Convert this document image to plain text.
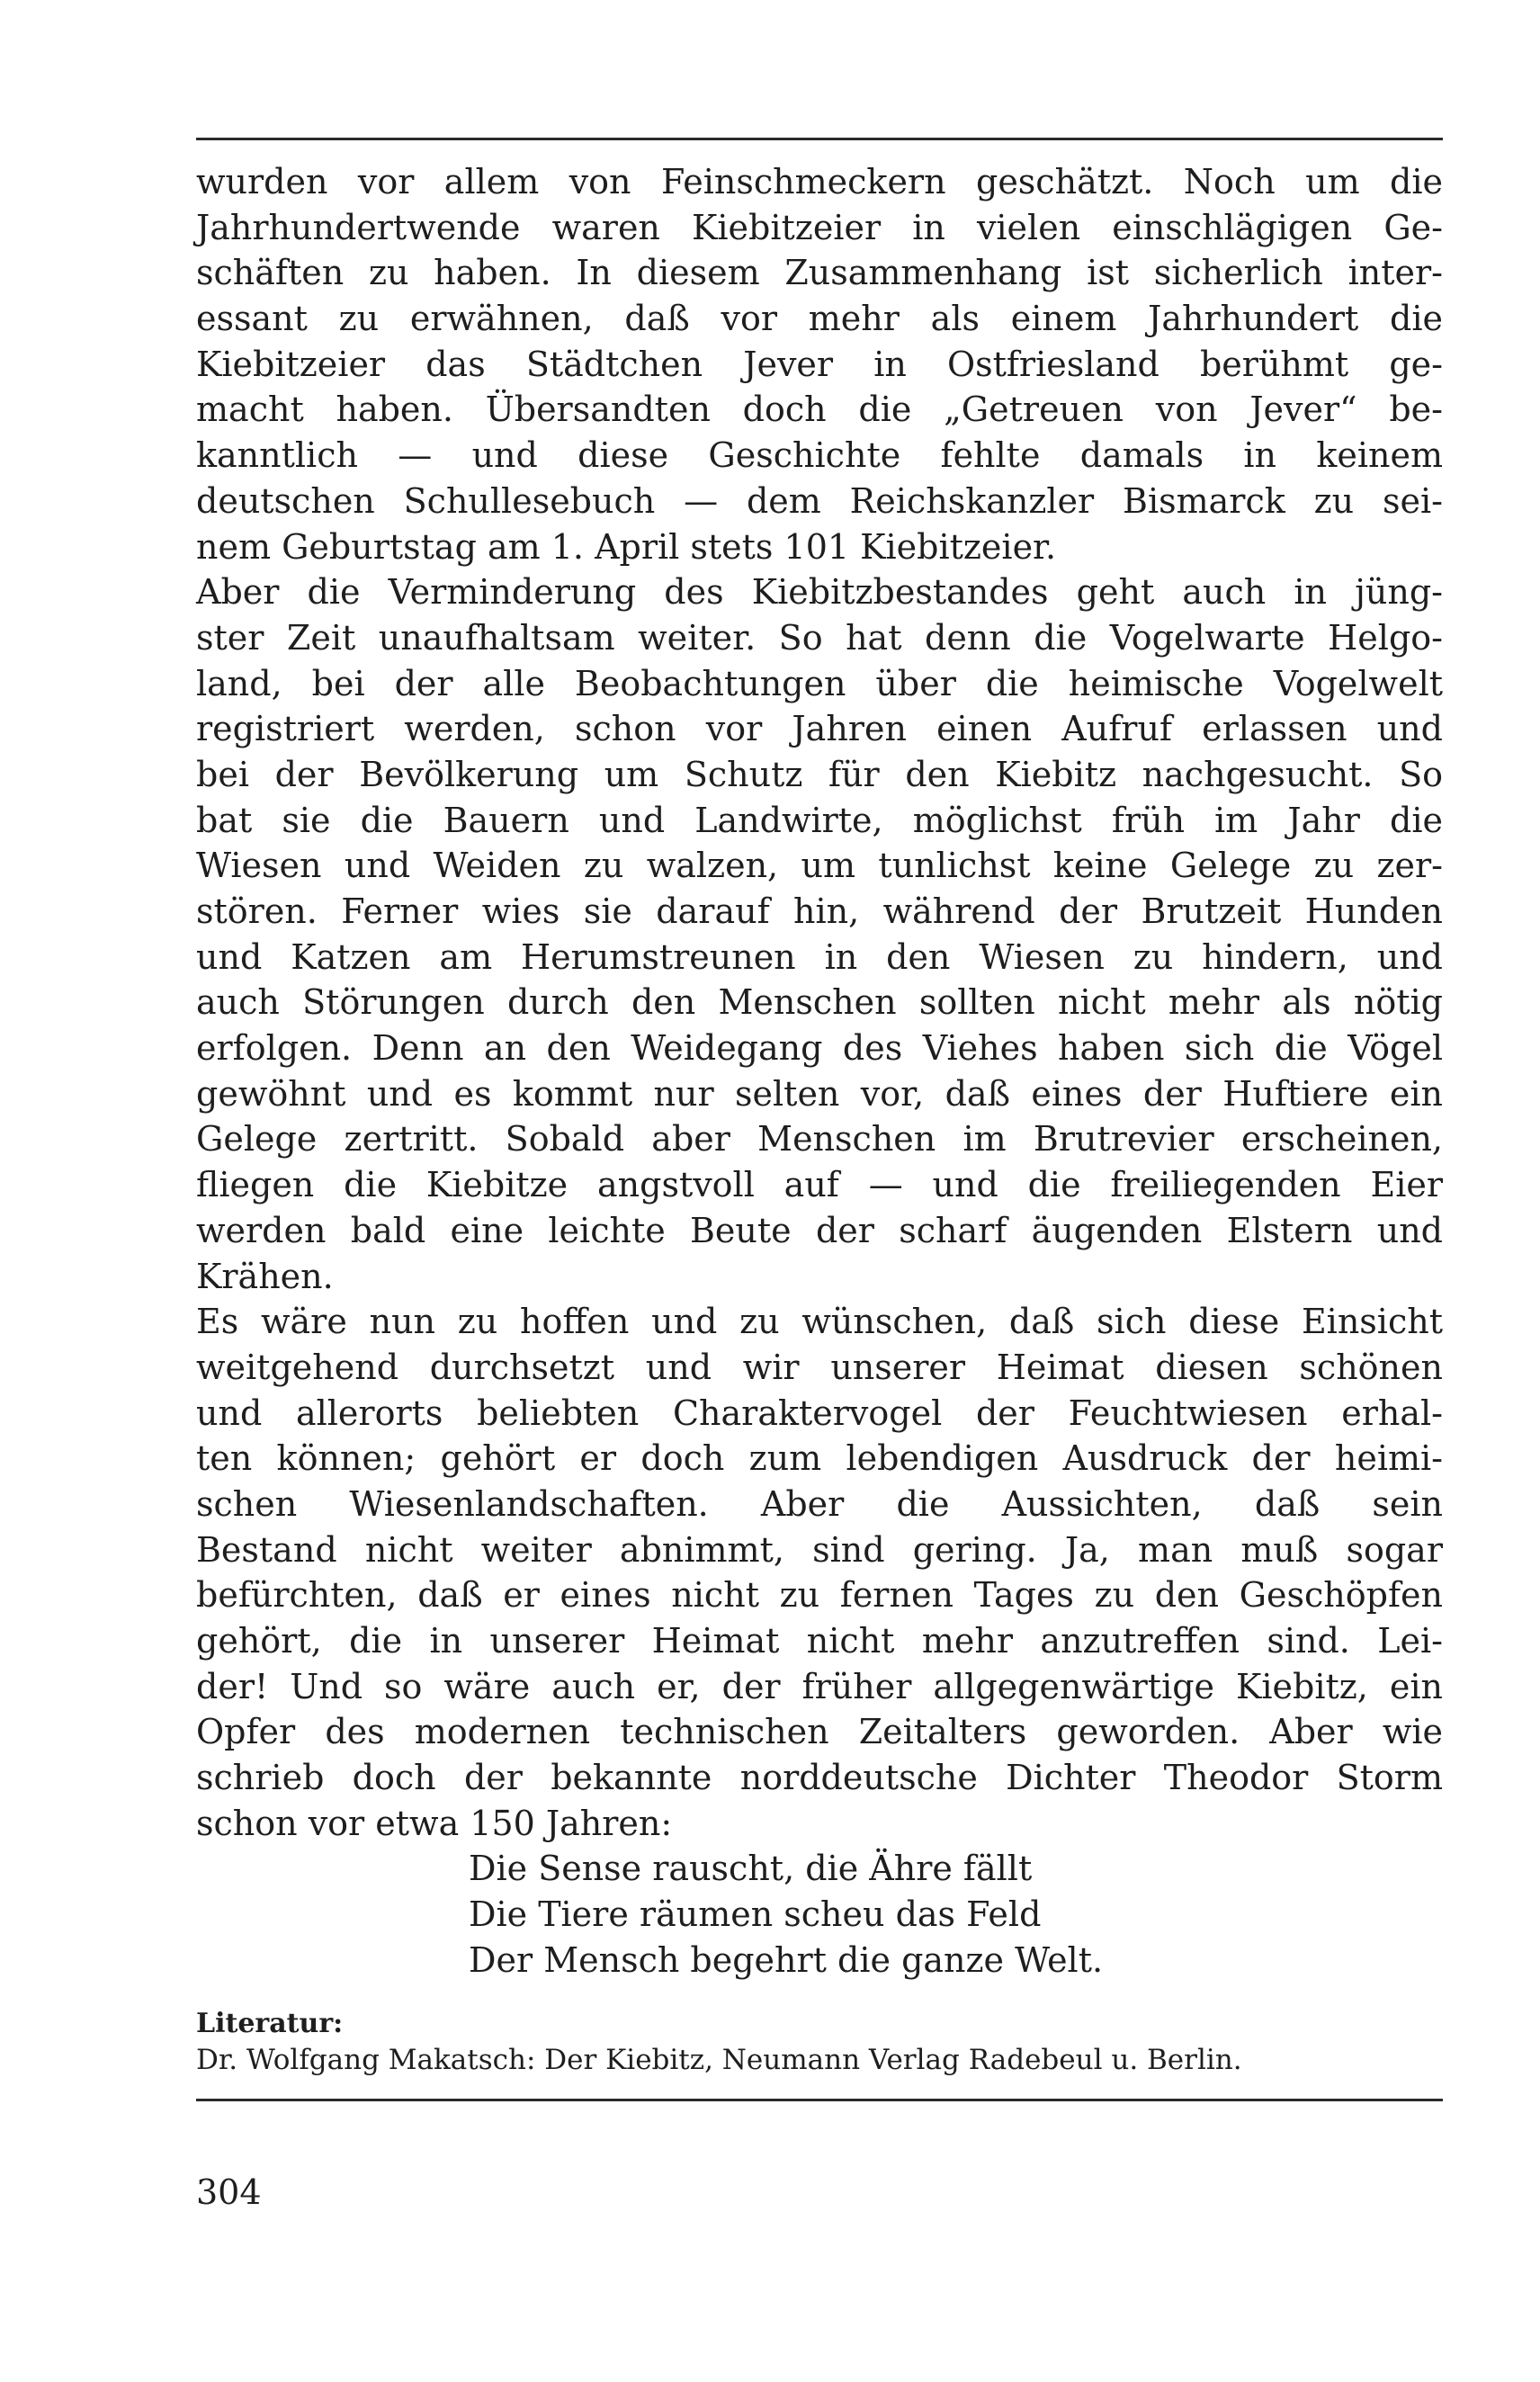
wurden vor allem von Feinschmeckern geschätzt. Noch um die
Jahrhundertwende waren Kiebitzeier in vielen einschlägigen Ge-
schäften zu haben. In diesem Zusammenhang ist sicherlich inter-
essant zu erwähnen, daß vor mehr als einem Jahrhundert die
Kiebitzeier das Städtchen Jever in Ostfriesland berühmt ge-
macht haben. Übersandten doch die „Getreuen von Jever“ be-
kanntlich — und diese Geschichte fehlte damals in keinem
deutschen Schullesebuch — dem Reichskanzler Bismarck zu sei-
nem Geburtstag am 1. April stets 101 Kiebitzeier.
Aber die Verminderung des Kiebitzbestandes geht auch in jüng-
ster Zeit unaufhaltsam weiter. So hat denn die Vogelwarte Helgo-
land, bei der alle Beobachtungen über die heimische Vogelwelt
registriert werden, schon vor Jahren einen Aufruf erlassen und
bei der Bevölkerung um Schutz für den Kiebitz nachgesucht. So
bat sie die Bauern und Landwirte, möglichst früh im Jahr die
Wiesen und Weiden zu walzen, um tunlichst keine Gelege zu zer-
stören. Ferner wies sie darauf hin, während der Brutzeit Hunden
und Katzen am Herumstreunen in den Wiesen zu hindern, und
auch Störungen durch den Menschen sollten nicht mehr als nötig
erfolgen. Denn an den Weidegang des Viehes haben sich die Vögel
gewöhnt und es kommt nur selten vor, daß eines der Huftiere ein
Gelege zertritt. Sobald aber Menschen im Brutrevier erscheinen,
fliegen die Kiebitze angstvoll auf — und die freiliegenden Eier
werden bald eine leichte Beute der scharf äugenden Elstern und
Krähen.
Es wäre nun zu hoffen und zu wünschen, daß sich diese Einsicht
weitgehend durchsetzt und wir unserer Heimat diesen schönen
und allerorts beliebten Charaktervogel der Feuchtwiesen erhal-
ten können; gehört er doch zum lebendigen Ausdruck der heimi-
schen Wiesenlandschaften. Aber die Aussichten, daß sein
Bestand nicht weiter abnimmt, sind gering. Ja, man muß sogar
befürchten, daß er eines nicht zu fernen Tages zu den Geschöpfen
gehört, die in unserer Heimat nicht mehr anzutreffen sind. Lei-
der! Und so wäre auch er, der früher allgegenwärtige Kiebitz, ein
Opfer des modernen technischen Zeitalters geworden. Aber wie
schrieb doch der bekannte norddeutsche Dichter Theodor Storm
schon vor etwa 150 Jahren:
Die Sense rauscht, die Ähre fällt
Die Tiere räumen scheu das Feld
Der Mensch begehrt die ganze Welt.
Literatur:
Dr. Wolfgang Makatsch: Der Kiebitz, Neumann Verlag Radebeul u. Berlin.
304
